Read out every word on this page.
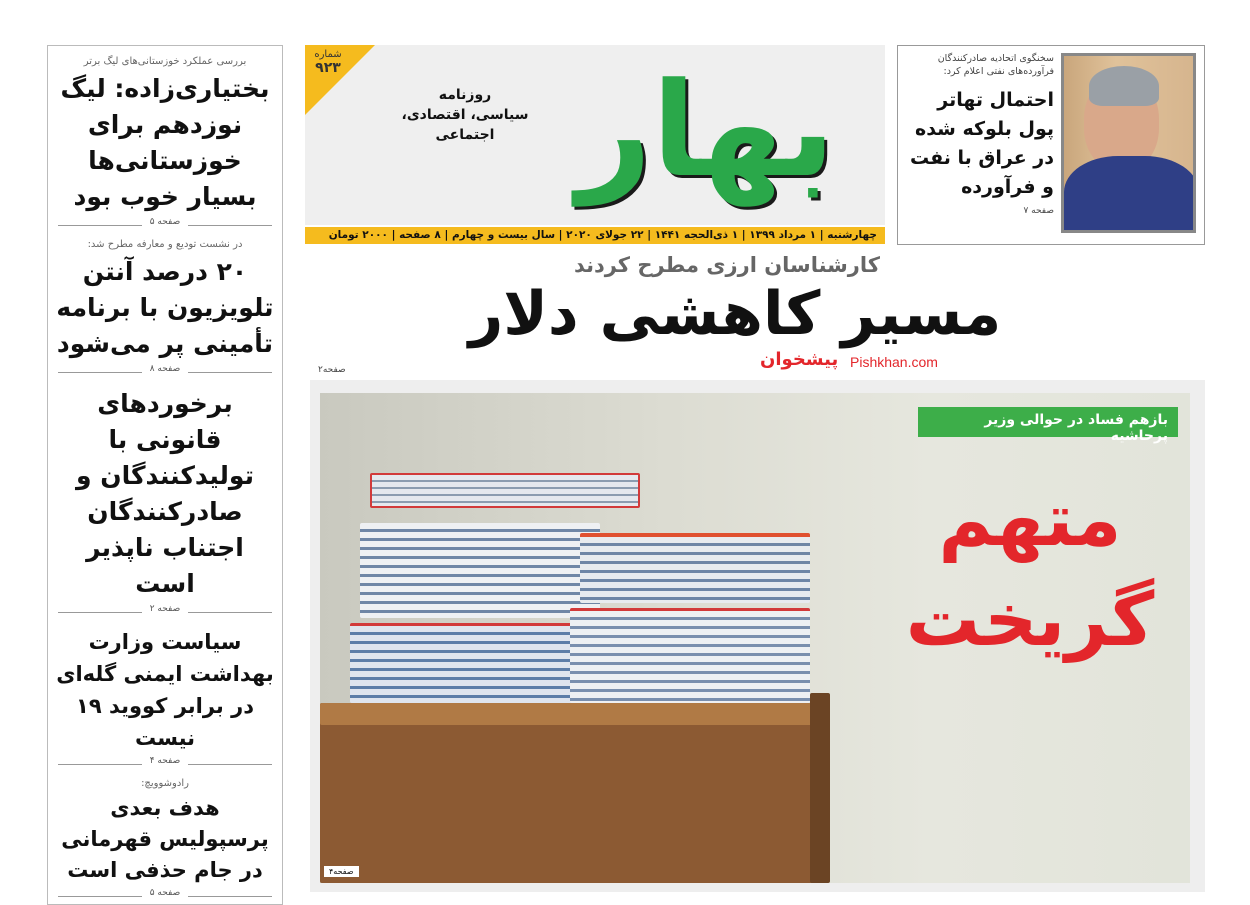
بررسی عملکرد خوزستانی‌های لیگ برتر
بختیاری‌زاده: لیگ نوزدهم برای خوزستانی‌ها بسیار خوب بود
صفحه ۵
در نشست تودیع و معارفه مطرح شد:
۲۰ درصد آنتن تلویزیون با برنامه تأمینی پر می‌شود
صفحه ۸
برخوردهای قانونی با تولیدکنندگان و صادرکنندگان اجتناب ناپذیر است
صفحه ۲
سیاست وزارت بهداشت ایمنی گله‌ای در برابر کووید ۱۹ نیست
صفحه ۴
رادوشوویچ:
هدف بعدی پرسپولیس قهرمانی در جام حذفی است
صفحه ۵
بهار
شماره
۹۲۳
روزنامه
سیاسی، اقتصادی، اجتماعی
چهارشنبه | ۱ مرداد ۱۳۹۹ | ۱ ذی‌الحجه ۱۴۴۱ | ۲۲ جولای ۲۰۲۰ | سال بیست و چهارم | ۸ صفحه | ۲۰۰۰ تومان
سخنگوی اتحادیه صادرکنندگان فرآورده‌های نفتی اعلام کرد:
احتمال تهاتر پول بلوکه شده در عراق با نفت و فرآورده
صفحه ۷
کارشناسان ارزی مطرح کردند
مسیر کاهشی دلار
صفحه۲
بازهم فساد در حوالی وزیر پرحاشیه
متهم
گریخت
صفحه۴
پیشخوان Pishkhan.com
